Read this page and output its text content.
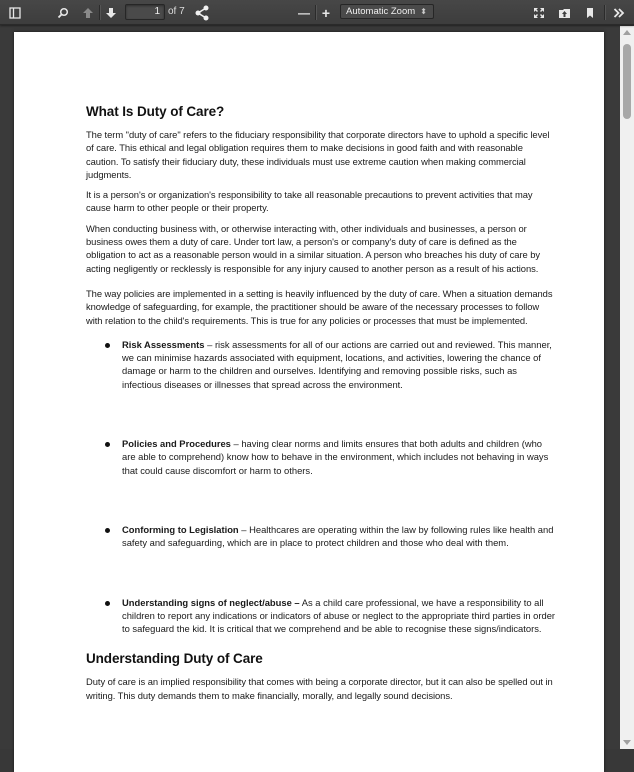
1 of 7	— +	Automatic Zoom ⬍
What Is Duty of Care?

The term "duty of care" refers to the fiduciary responsibility that corporate directors have to uphold a specific level of care. This ethical and legal obligation requires them to make decisions in good faith and with reasonable caution. To satisfy their fiduciary duty, these individuals must use extreme caution when making commercial judgments.

It is a person's or organization's responsibility to take all reasonable precautions to prevent activities that may cause harm to other people or their property.

When conducting business with, or otherwise interacting with, other individuals and businesses, a person or business owes them a duty of care. Under tort law, a person's or company's duty of care is defined as the obligation to act as a reasonable person would in a similar situation. A person who breaches his duty of care by acting negligently or recklessly is responsible for any injury caused to another person as a result of his actions.

The way policies are implemented in a setting is heavily influenced by the duty of care. When a situation demands knowledge of safeguarding, for example, the practitioner should be aware of the necessary processes to follow with relation to the child's requirements. This is true for any policies or processes that must be implemented.

Risk Assessments – risk assessments for all of our actions are carried out and reviewed. This manner, we can minimise hazards associated with equipment, locations, and activities, lowering the chance of damage or harm to the children and ourselves. Identifying and removing possible risks, such as infectious diseases or illnesses that spread across the environment.
Policies and Procedures – having clear norms and limits ensures that both adults and children (who are able to comprehend) know how to behave in the environment, which includes not behaving in ways that could cause discomfort or harm to others.
Conforming to Legislation – Healthcares are operating within the law by following rules like health and safety and safeguarding, which are in place to protect children and those who deal with them.
Understanding signs of neglect/abuse – As a child care professional, we have a responsibility to all children to report any indications or indicators of abuse or neglect to the appropriate third parties in order to safeguard the kid. It is critical that we comprehend and be able to recognise these signs/indicators.
Understanding Duty of Care

Duty of care is an implied responsibility that comes with being a corporate director, but it can also be spelled out in writing. This duty demands them to make financially, morally, and legally sound decisions.
